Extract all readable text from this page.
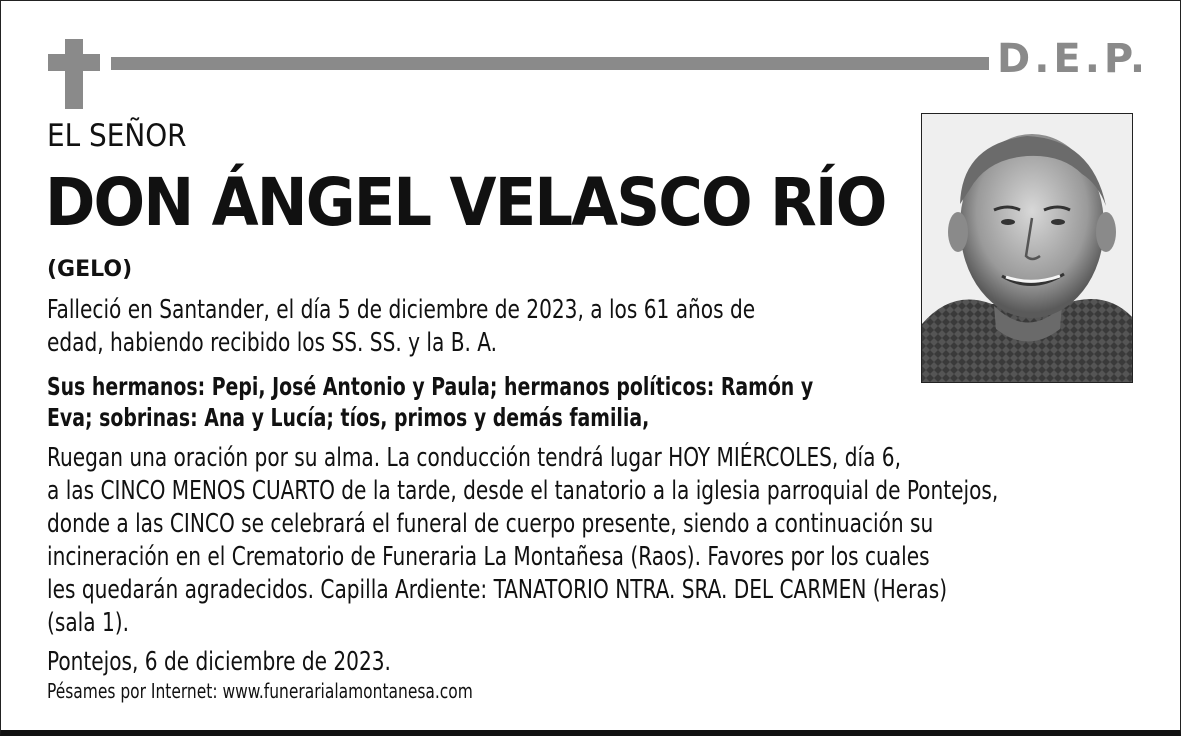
D.E.P.
EL SEÑOR
DON ÁNGEL VELASCO RÍO
(GELO)
Falleció en Santander, el día 5 de diciembre de 2023, a los 61 años de
edad, habiendo recibido los SS. SS. y la B. A.
Sus hermanos: Pepi, José Antonio y Paula; hermanos políticos: Ramón y
Eva; sobrinas: Ana y Lucía; tíos, primos y demás familia,
Ruegan una oración por su alma. La conducción tendrá lugar HOY MIÉRCOLES, día 6,
a las CINCO MENOS CUARTO de la tarde, desde el tanatorio a la iglesia parroquial de Pontejos,
donde a las CINCO se celebrará el funeral de cuerpo presente, siendo a continuación su
incineración en el Crematorio de Funeraria La Montañesa (Raos). Favores por los cuales
les quedarán agradecidos. Capilla Ardiente: TANATORIO NTRA. SRA. DEL CARMEN (Heras)
(sala 1).
Pontejos, 6 de diciembre de 2023.
Pésames por Internet: www.funerarialamontanesa.com
